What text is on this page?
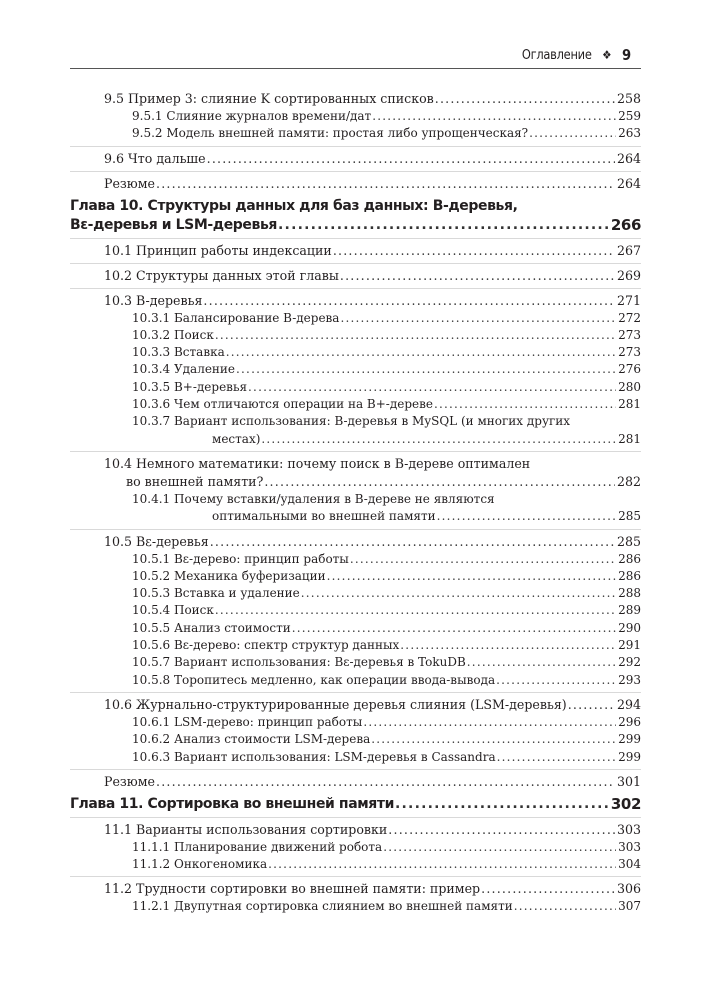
Оглавление ❖ 9
9.5 Пример 3: слияние K сортированных списков .....	258
9.5.1 Слияние журналов времени/дат .....	259
9.5.2 Модель внешней памяти: простая либо упрощенческая? .....	263
9.6 Что дальше .....	264
Резюме .....	264
Глава 10. Структуры данных для баз данных: B-деревья,
Bε-деревья и LSM-деревья .....	266
10.1 Принцип работы индексации .....	267
10.2 Структуры данных этой главы .....	269
10.3 B-деревья .....	271
10.3.1 Балансирование B-дерева .....	272
10.3.2 Поиск .....	273
10.3.3 Вставка .....	273
10.3.4 Удаление .....	276
10.3.5 B+-деревья .....	280
10.3.6 Чем отличаются операции на B+-дереве .....	281
10.3.7 Вариант использования: B-деревья в MySQL (и многих других
местах) .....	281
10.4 Немного математики: почему поиск в B-дереве оптимален
во внешней памяти? .....	282
10.4.1 Почему вставки/удаления в B-дереве не являются
оптимальными во внешней памяти .....	285
10.5 Bε-деревья .....	285
10.5.1 Bε-дерево: принцип работы .....	286
10.5.2 Механика буферизации .....	286
10.5.3 Вставка и удаление .....	288
10.5.4 Поиск .....	289
10.5.5 Анализ стоимости .....	290
10.5.6 Bε-дерево: спектр структур данных .....	291
10.5.7 Вариант использования: Bε-деревья в TokuDB .....	292
10.5.8 Торопитесь медленно, как операции ввода-вывода .....	293
10.6 Журнально-структурированные деревья слияния (LSM-деревья) .....	294
10.6.1 LSM-дерево: принцип работы .....	296
10.6.2 Анализ стоимости LSM-дерева .....	299
10.6.3 Вариант использования: LSM-деревья в Cassandra .....	299
Резюме .....	301
Глава 11. Сортировка во внешней памяти .....	302
11.1 Варианты использования сортировки .....	303
11.1.1 Планирование движений робота .....	303
11.1.2 Онкогеномика .....	304
11.2 Трудности сортировки во внешней памяти: пример .....	306
11.2.1 Двупутная сортировка слиянием во внешней памяти .....	307
